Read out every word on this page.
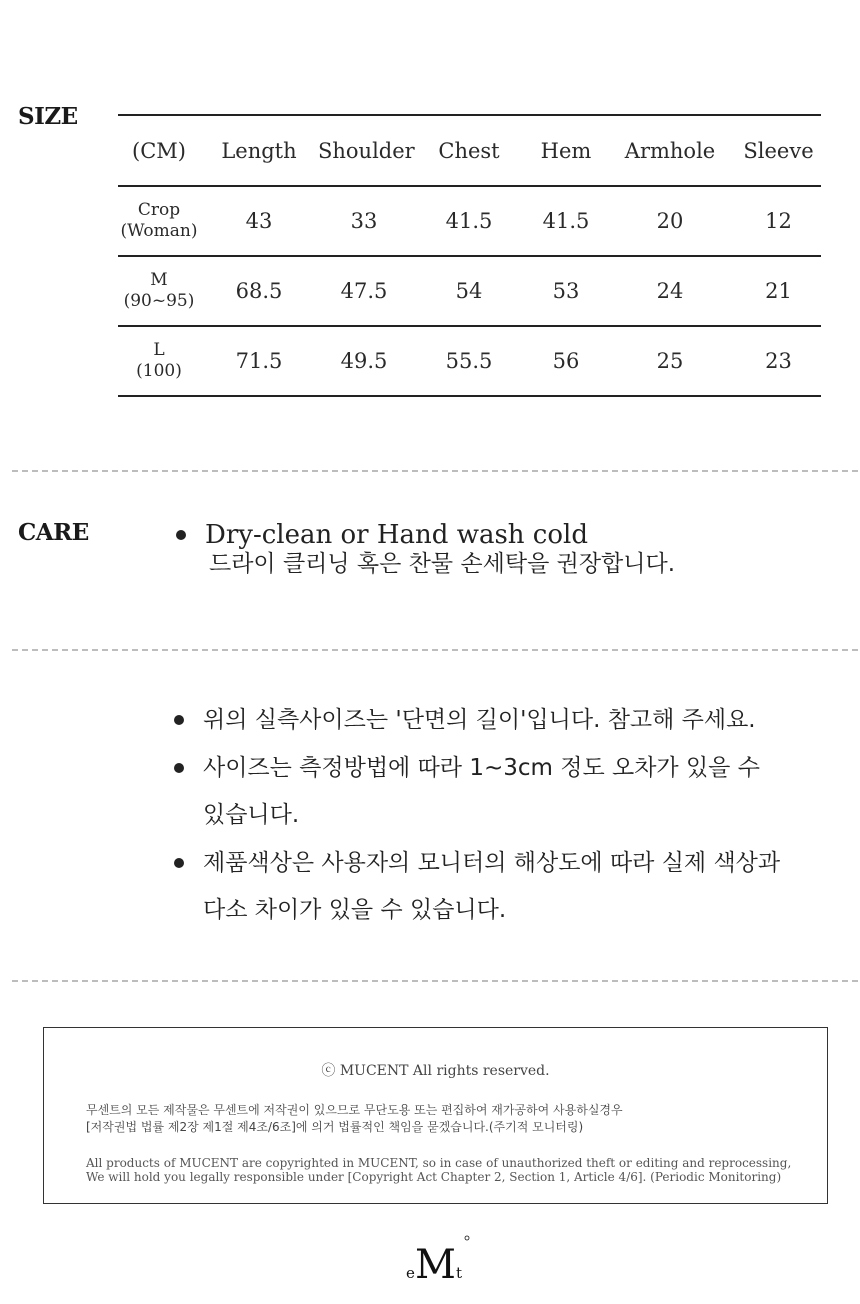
SIZE
(CM)	Length	Shoulder	Chest	Hem	Armhole	Sleeve
Crop
(Woman)	43	33	41.5	41.5	20	12
M
(90~95)	68.5	47.5	54	53	24	21
L
(100)	71.5	49.5	55.5	56	25	23
CARE	Dry-clean or Hand wash cold
드라이 클리닝 혹은 찬물 손세탁을 권장합니다.
위의 실측사이즈는 '단면의 길이'입니다. 참고해 주세요.
사이즈는 측정방법에 따라 1~3cm 정도 오차가 있을 수
있습니다.
제품색상은 사용자의 모니터의 해상도에 따라 실제 색상과
다소 차이가 있을 수 있습니다.
ⓒ MUCENT All rights reserved.
무센트의 모든 제작물은 무센트에 저작권이 있으므로 무단도용 또는 편집하여 재가공하여 사용하실경우
[저작권법 법률 제2장 제1절 제4조/6조]에 의거 법률적인 책임을 묻겠습니다.(주기적 모니터링)
All products of MUCENT are copyrighted in MUCENT, so in case of unauthorized theft or editing and reprocessing,
We will hold you legally responsible under [Copyright Act Chapter 2, Section 1, Article 4/6]. (Periodic Monitoring)
e M t
